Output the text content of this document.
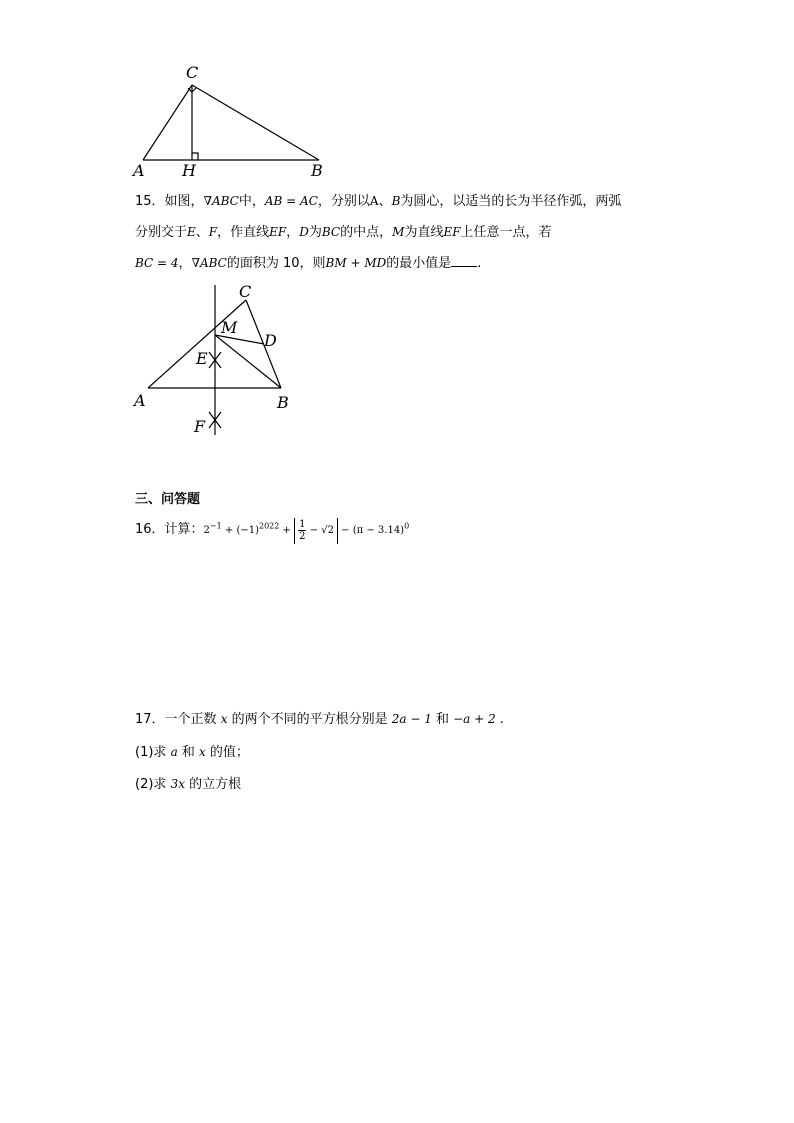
C
A H	B
15．如图，∇ABC中，AB = AC，分别以A、B为圆心，以适当的长为半径作弧，两弧
分别交于E、F，作直线EF，D为BC的中点，M为直线EF上任意一点，若
BC = 4，∇ABC的面积为 10，则BM + MD的最小值是 .
C
M
D
E
A	B
F
三、问答题
16．计算：$2^{-1} + (-1)^{2022} + \frac{1}{2} - √2 - (\pi - 3.14)^0$
17．一个正数 x 的两个不同的平方根分别是 2a − 1 和 −a + 2 .
(1)求 a 和 x 的值；
(2)求 3x 的立方根
